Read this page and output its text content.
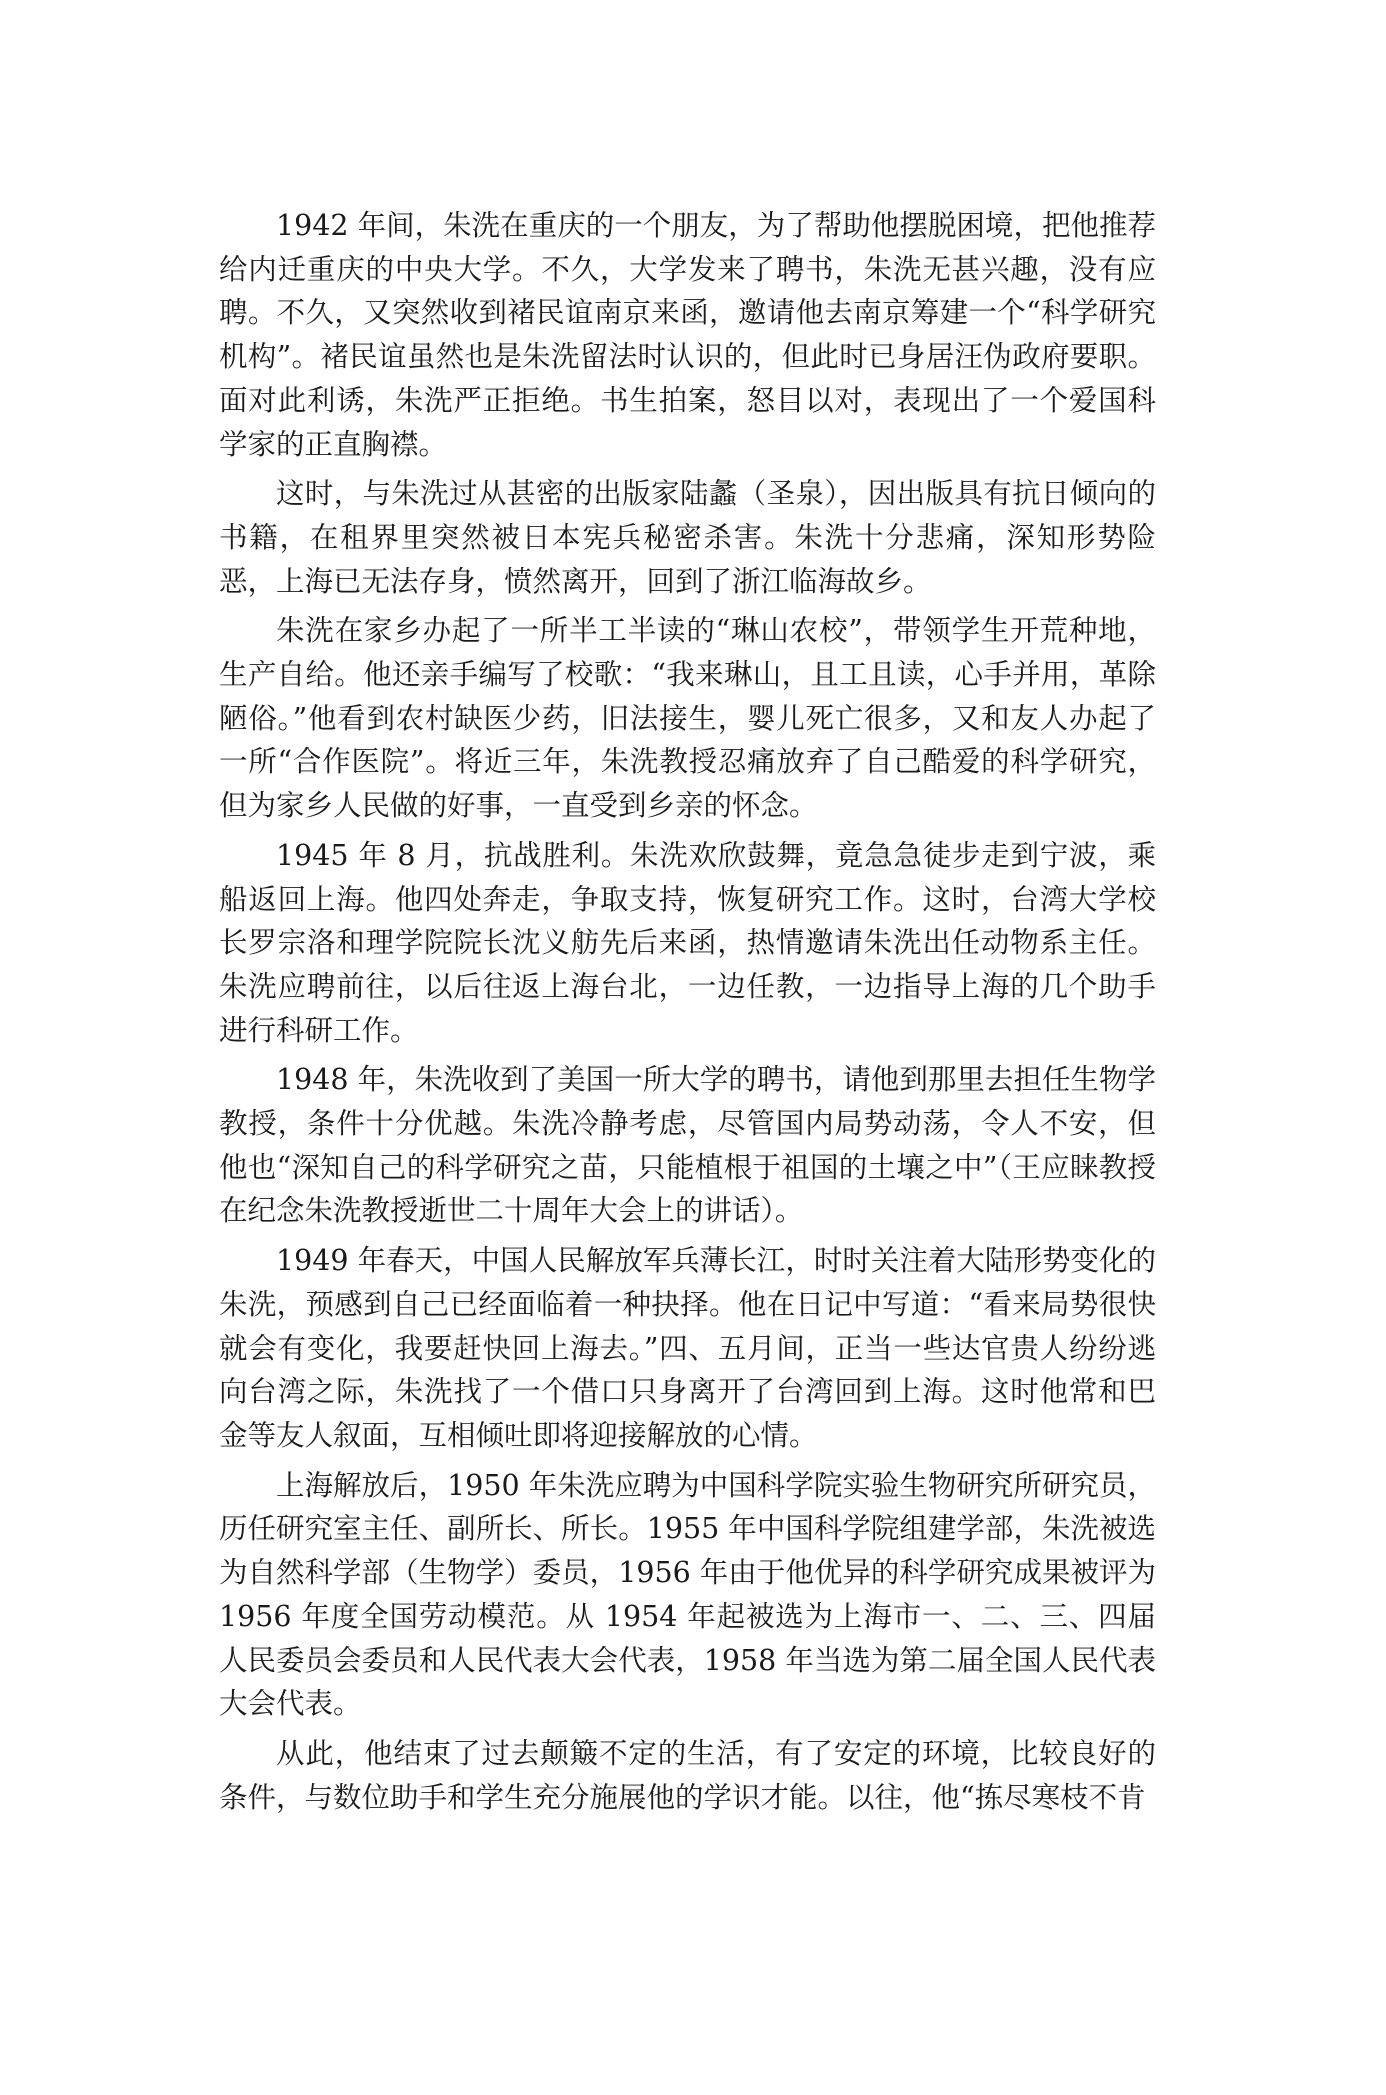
1942 年间，朱洗在重庆的一个朋友，为了帮助他摆脱困境，把他推荐给内迁重庆的中央大学。不久，大学发来了聘书，朱洗无甚兴趣，没有应聘。不久，又突然收到褚民谊南京来函，邀请他去南京筹建一个“科学研究机构”。褚民谊虽然也是朱洗留法时认识的，但此时已身居汪伪政府要职。面对此利诱，朱洗严正拒绝。书生拍案，怒目以对，表现出了一个爱国科学家的正直胸襟。

这时，与朱洗过从甚密的出版家陆蠡（圣泉），因出版具有抗日倾向的书籍，在租界里突然被日本宪兵秘密杀害。朱洗十分悲痛，深知形势险恶，上海已无法存身，愤然离开，回到了浙江临海故乡。

朱洗在家乡办起了一所半工半读的“琳山农校”，带领学生开荒种地，生产自给。他还亲手编写了校歌：“我来琳山，且工且读，心手并用，革除陋俗。”他看到农村缺医少药，旧法接生，婴儿死亡很多，又和友人办起了一所“合作医院”。将近三年，朱洗教授忍痛放弃了自己酷爱的科学研究，但为家乡人民做的好事，一直受到乡亲的怀念。

1945 年 8 月，抗战胜利。朱洗欢欣鼓舞，竟急急徒步走到宁波，乘船返回上海。他四处奔走，争取支持，恢复研究工作。这时，台湾大学校长罗宗洛和理学院院长沈义舫先后来函，热情邀请朱洗出任动物系主任。朱洗应聘前往，以后往返上海台北，一边任教，一边指导上海的几个助手进行科研工作。

1948 年，朱洗收到了美国一所大学的聘书，请他到那里去担任生物学教授，条件十分优越。朱洗冷静考虑，尽管国内局势动荡，令人不安，但他也“深知自己的科学研究之苗，只能植根于祖国的土壤之中”（王应睐教授在纪念朱洗教授逝世二十周年大会上的讲话）。

1949 年春天，中国人民解放军兵薄长江，时时关注着大陆形势变化的朱洗，预感到自己已经面临着一种抉择。他在日记中写道：“看来局势很快就会有变化，我要赶快回上海去。”四、五月间，正当一些达官贵人纷纷逃向台湾之际，朱洗找了一个借口只身离开了台湾回到上海。这时他常和巴金等友人叙面，互相倾吐即将迎接解放的心情。

上海解放后，1950 年朱洗应聘为中国科学院实验生物研究所研究员，历任研究室主任、副所长、所长。1955 年中国科学院组建学部，朱洗被选为自然科学部（生物学）委员，1956 年由于他优异的科学研究成果被评为 1956 年度全国劳动模范。从 1954 年起被选为上海市一、二、三、四届人民委员会委员和人民代表大会代表，1958 年当选为第二届全国人民代表大会代表。

从此，他结束了过去颠簸不定的生活，有了安定的环境，比较良好的条件，与数位助手和学生充分施展他的学识才能。以往，他“拣尽寒枝不肯
